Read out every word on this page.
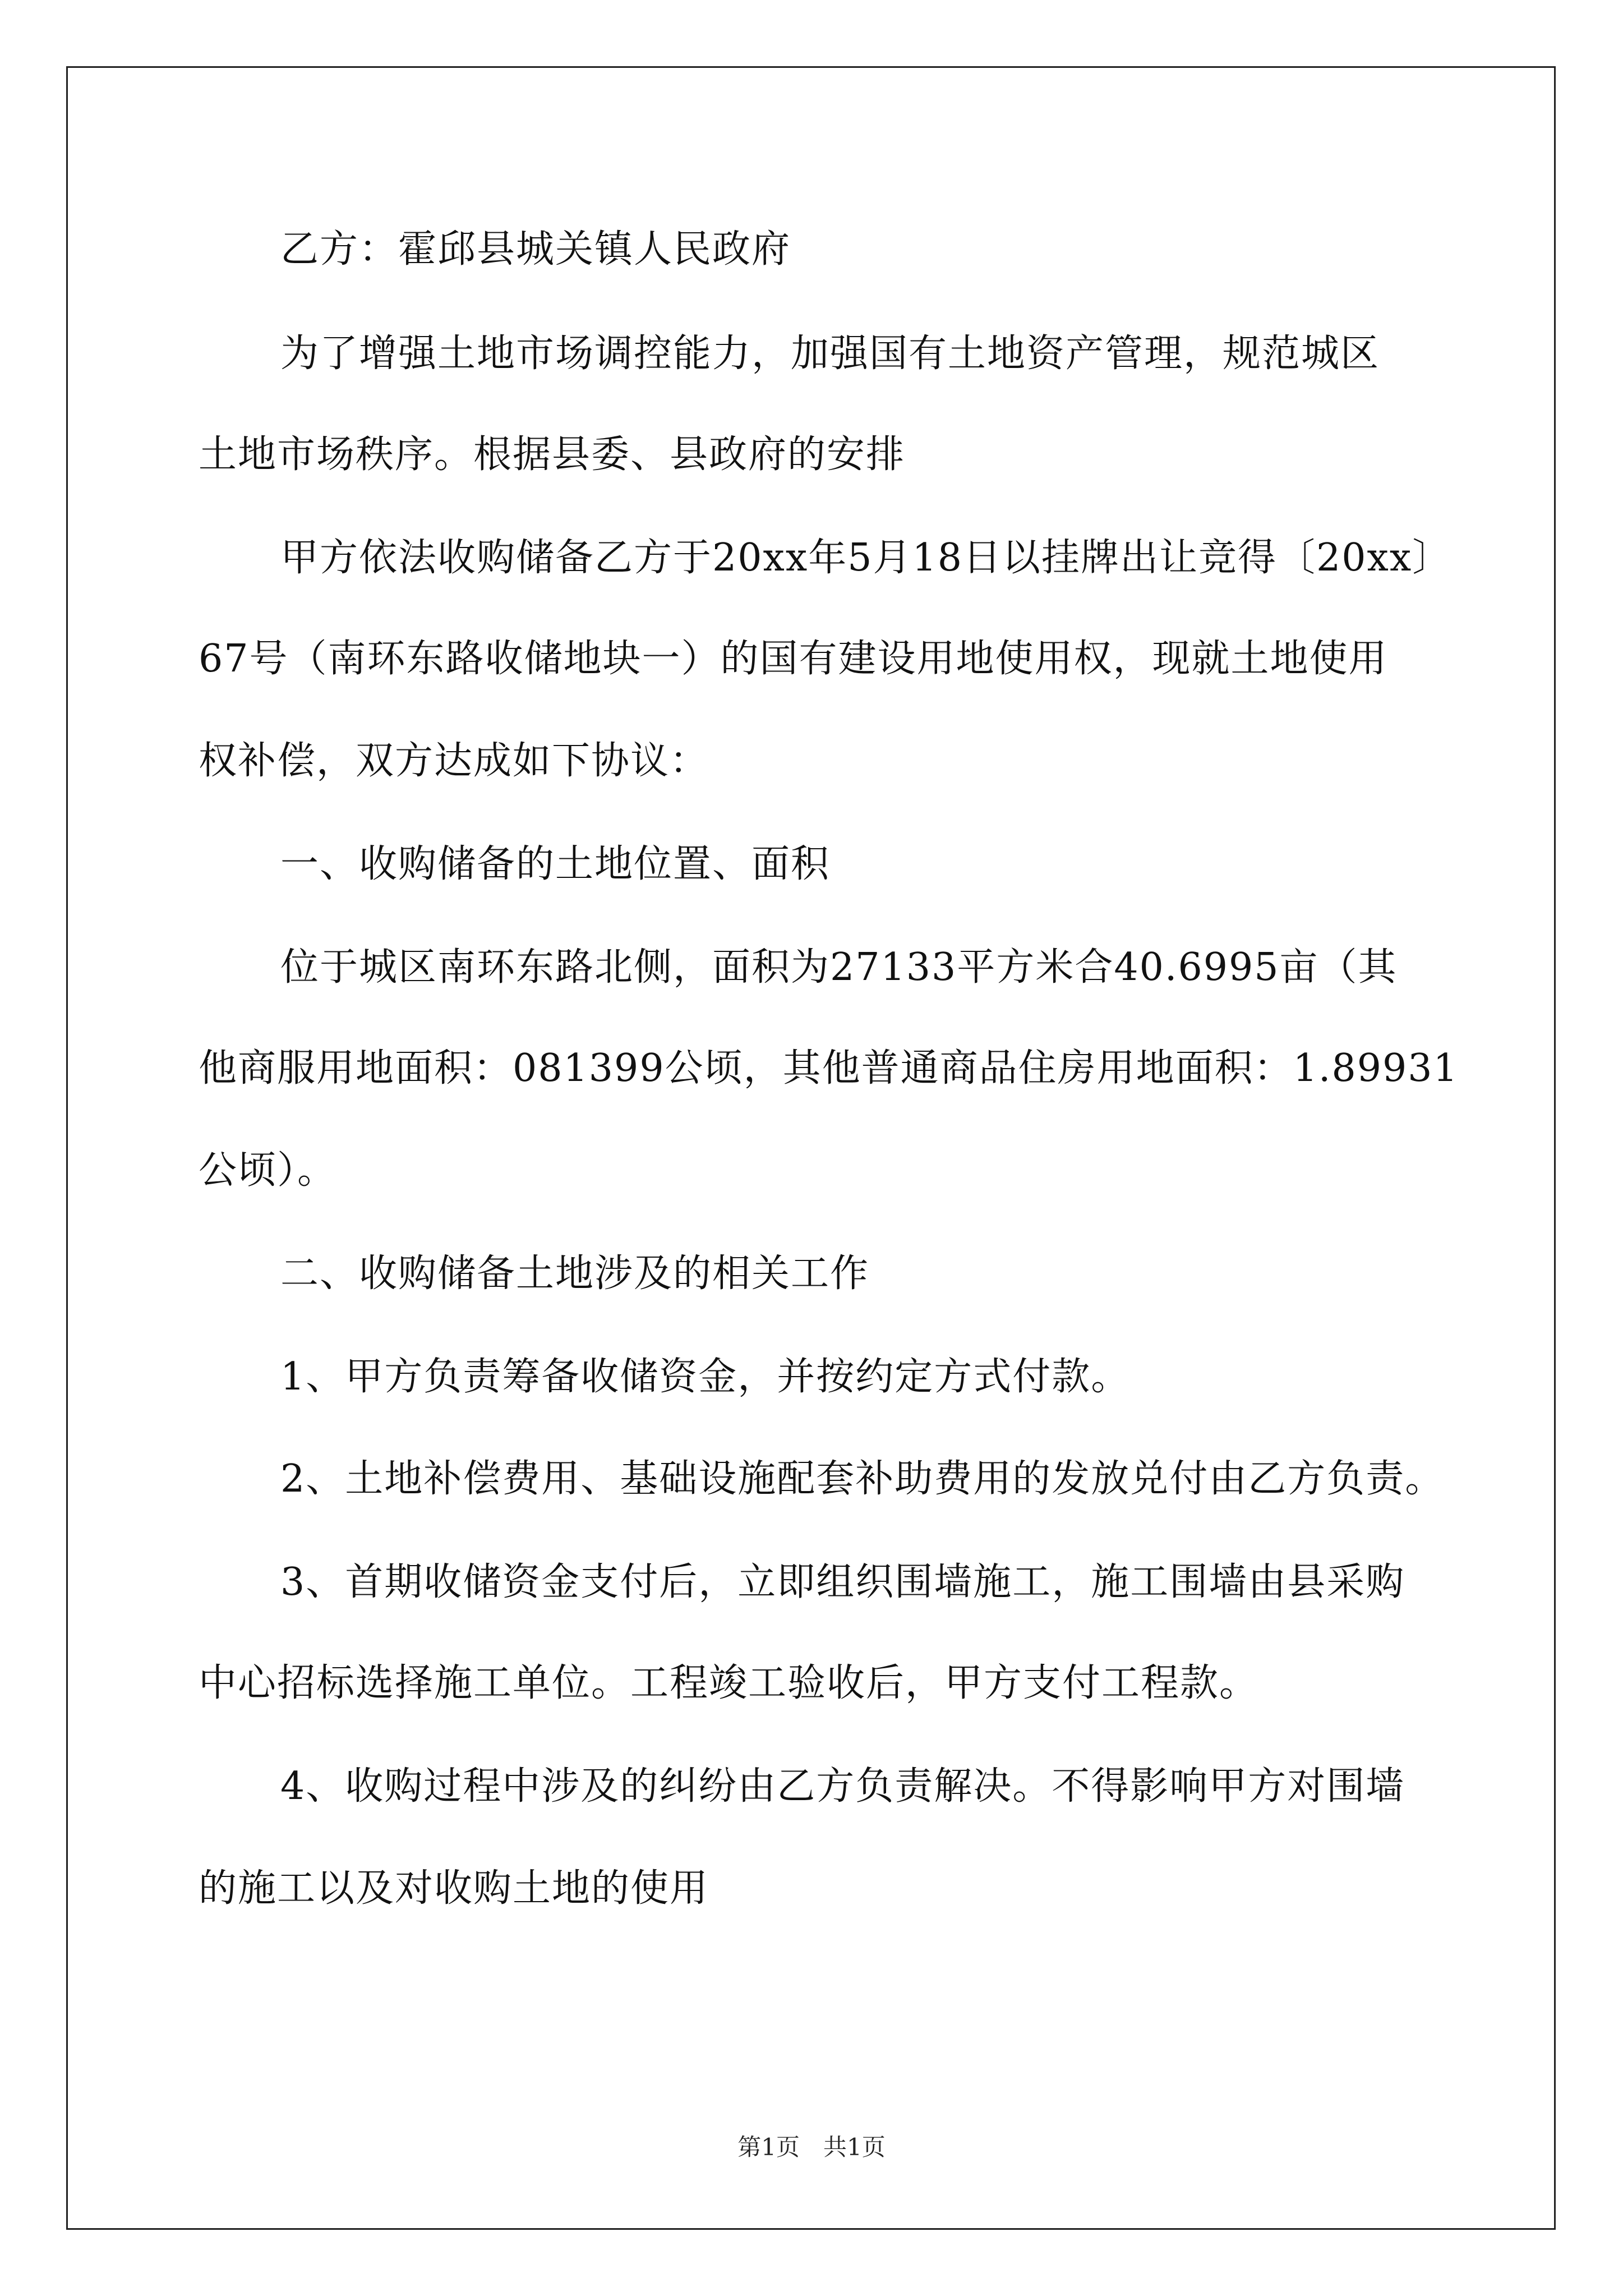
乙方：霍邱县城关镇人民政府
为了增强土地市场调控能力，加强国有土地资产管理，规范城区
土地市场秩序。根据县委、县政府的安排
甲方依法收购储备乙方于20xx年5月18日以挂牌出让竞得〔20xx〕
67号（南环东路收储地块一）的国有建设用地使用权，现就土地使用
权补偿，双方达成如下协议：
一、收购储备的土地位置、面积
位于城区南环东路北侧，面积为27133平方米合40.6995亩（其
他商服用地面积：081399公顷，其他普通商品住房用地面积：1.89931
公顷）。
二、收购储备土地涉及的相关工作
1、甲方负责筹备收储资金，并按约定方式付款。
2、土地补偿费用、基础设施配套补助费用的发放兑付由乙方负责。
3、首期收储资金支付后，立即组织围墙施工，施工围墙由县采购
中心招标选择施工单位。工程竣工验收后，甲方支付工程款。
4、收购过程中涉及的纠纷由乙方负责解决。不得影响甲方对围墙
的施工以及对收购土地的使用
第1页　共1页
